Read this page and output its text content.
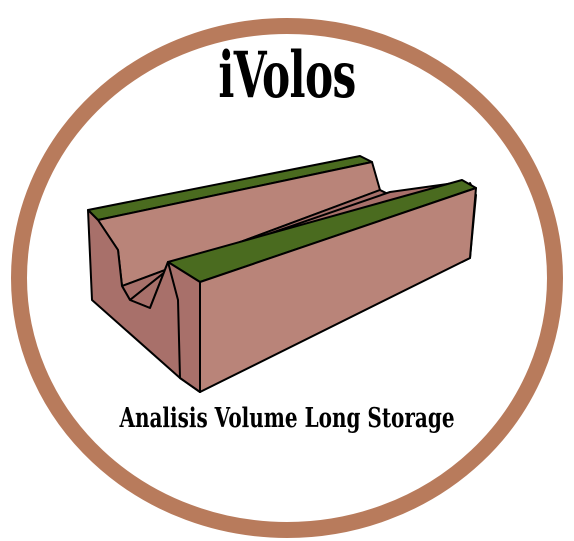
iVolos
Analisis Volume Long Storage
